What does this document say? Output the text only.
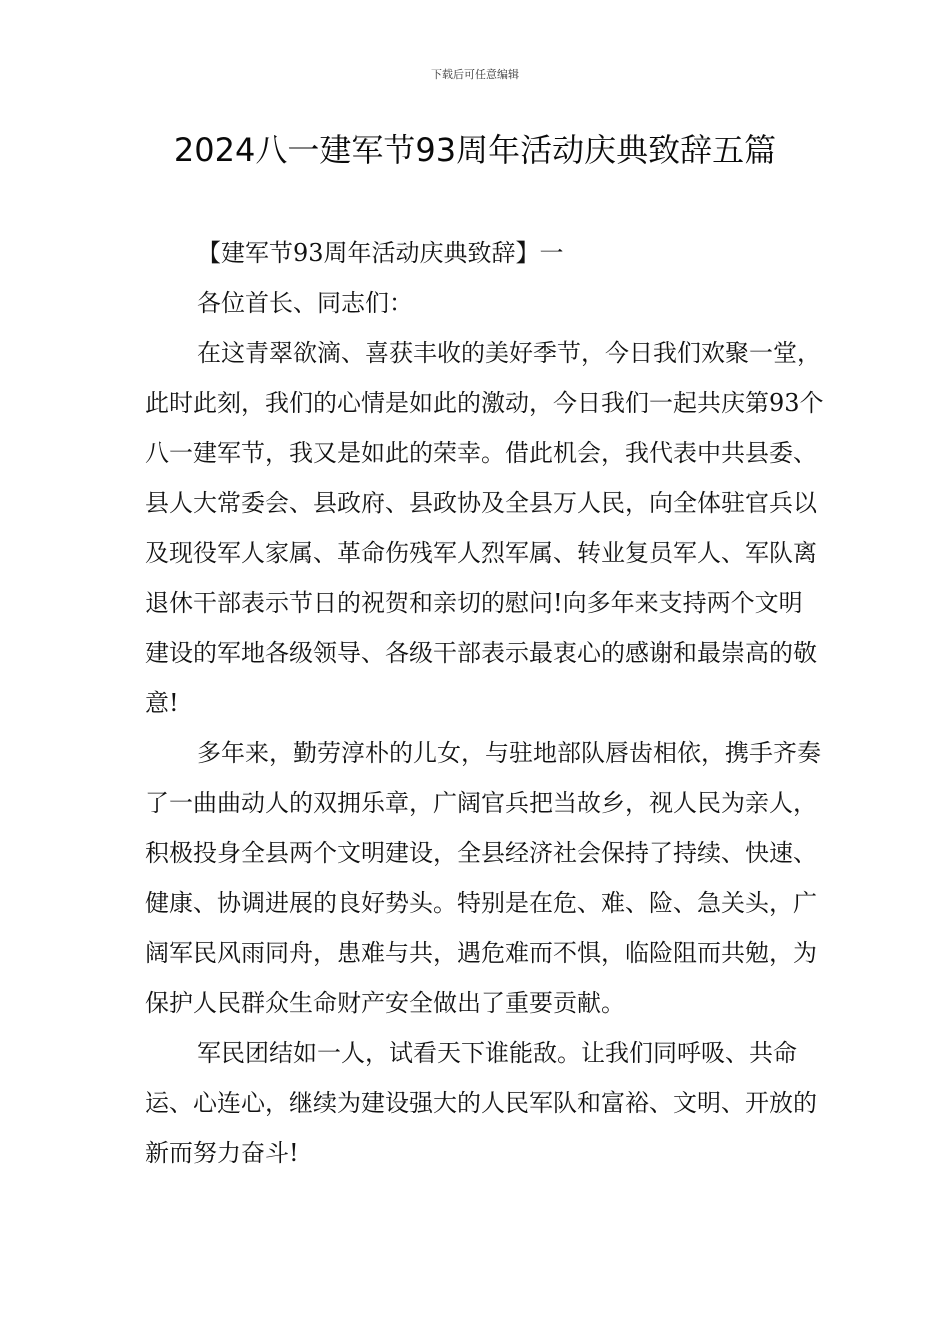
下载后可任意编辑
2024八一建军节93周年活动庆典致辞五篇

【建军节93周年活动庆典致辞】一

各位首长、同志们：

在这青翠欲滴、喜获丰收的美好季节，今日我们欢聚一堂，此时此刻，我们的心情是如此的激动，今日我们一起共庆第93个八一建军节，我又是如此的荣幸。借此机会，我代表中共县委、县人大常委会、县政府、县政协及全县万人民，向全体驻官兵以及现役军人家属、革命伤残军人烈军属、转业复员军人、军队离退休干部表示节日的祝贺和亲切的慰问!向多年来支持两个文明建设的军地各级领导、各级干部表示最衷心的感谢和最崇高的敬意!

多年来，勤劳淳朴的儿女，与驻地部队唇齿相依，携手齐奏了一曲曲动人的双拥乐章，广阔官兵把当故乡，视人民为亲人，积极投身全县两个文明建设，全县经济社会保持了持续、快速、健康、协调进展的良好势头。特别是在危、难、险、急关头，广阔军民风雨同舟，患难与共，遇危难而不惧，临险阻而共勉，为保护人民群众生命财产安全做出了重要贡献。

军民团结如一人，试看天下谁能敌。让我们同呼吸、共命运、心连心，继续为建设强大的人民军队和富裕、文明、开放的新而努力奋斗!
